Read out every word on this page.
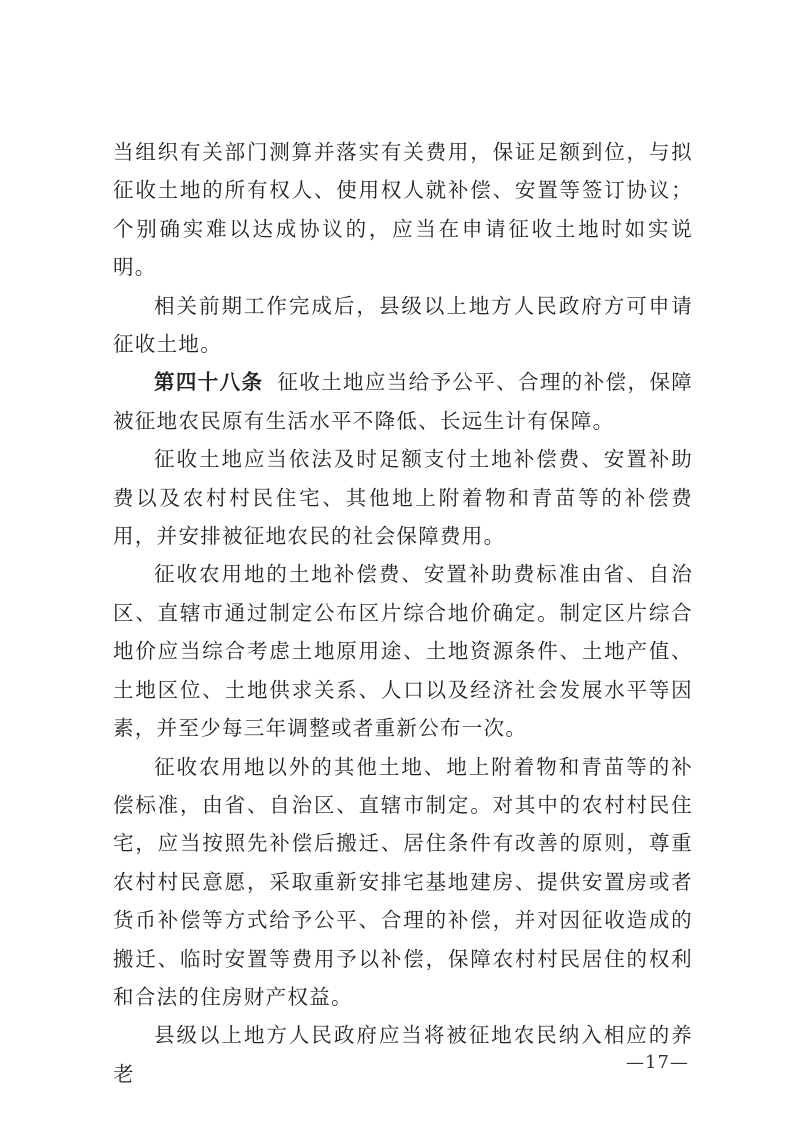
当组织有关部门测算并落实有关费用，保证足额到位，与拟征收土地的所有权人、使用权人就补偿、安置等签订协议；个别确实难以达成协议的，应当在申请征收土地时如实说明。

相关前期工作完成后，县级以上地方人民政府方可申请征收土地。

第四十八条 征收土地应当给予公平、合理的补偿，保障被征地农民原有生活水平不降低、长远生计有保障。

征收土地应当依法及时足额支付土地补偿费、安置补助费以及农村村民住宅、其他地上附着物和青苗等的补偿费用，并安排被征地农民的社会保障费用。

征收农用地的土地补偿费、安置补助费标准由省、自治区、直辖市通过制定公布区片综合地价确定。制定区片综合地价应当综合考虑土地原用途、土地资源条件、土地产值、土地区位、土地供求关系、人口以及经济社会发展水平等因素，并至少每三年调整或者重新公布一次。

征收农用地以外的其他土地、地上附着物和青苗等的补偿标准，由省、自治区、直辖市制定。对其中的农村村民住宅，应当按照先补偿后搬迁、居住条件有改善的原则，尊重农村村民意愿，采取重新安排宅基地建房、提供安置房或者货币补偿等方式给予公平、合理的补偿，并对因征收造成的搬迁、临时安置等费用予以补偿，保障农村村民居住的权利和合法的住房财产权益。

县级以上地方人民政府应当将被征地农民纳入相应的养老	—17—
